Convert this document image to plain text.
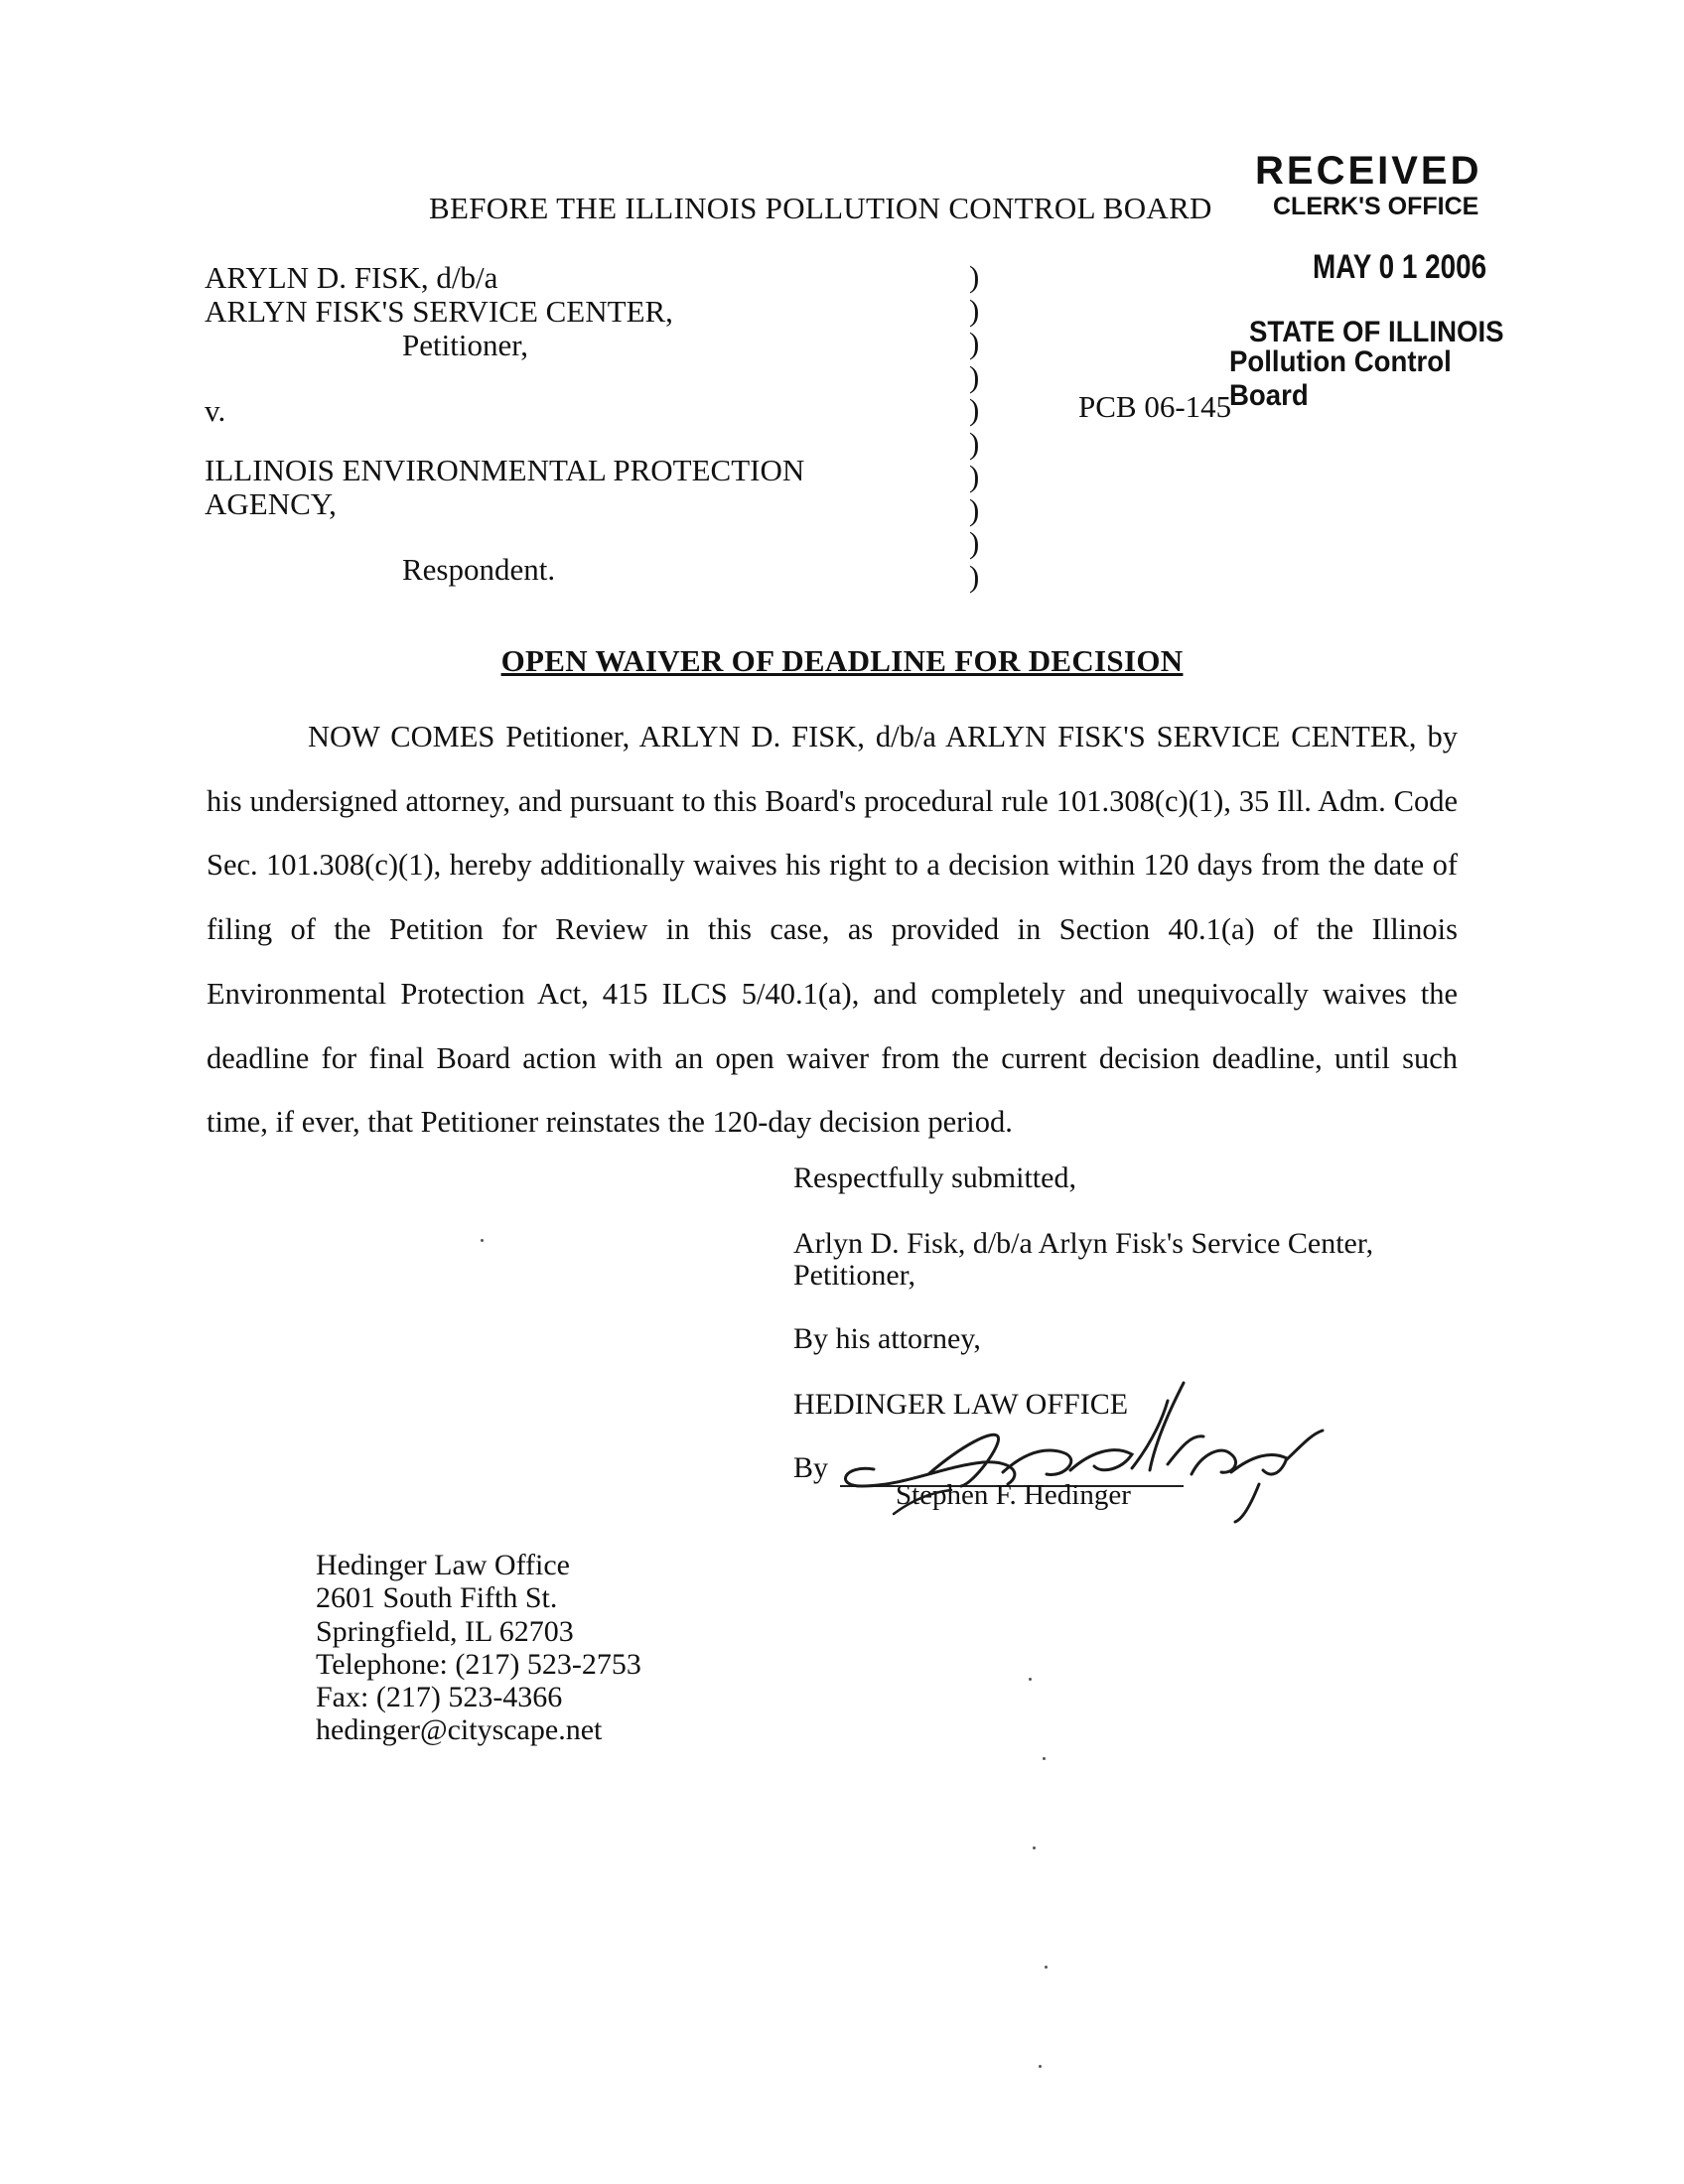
RECEIVED
CLERK'S OFFICE
MAY 0 1 2006
STATE OF ILLINOIS
Pollution Control Board
BEFORE THE ILLINOIS POLLUTION CONTROL BOARD
ARYLN D. FISK, d/b/a
ARLYN FISK'S SERVICE CENTER,
Petitioner,
v.
ILLINOIS ENVIRONMENTAL PROTECTION
AGENCY,
Respondent.
)
)
)
)
)
)
)
)
)
)
PCB 06-145
OPEN WAIVER OF DEADLINE FOR DECISION

NOW COMES Petitioner, ARLYN D. FISK, d/b/a ARLYN FISK'S SERVICE CENTER, by his undersigned attorney, and pursuant to this Board's procedural rule 101.308(c)(1), 35 Ill. Adm. Code Sec. 101.308(c)(1), hereby additionally waives his right to a decision within 120 days from the date of filing of the Petition for Review in this case, as provided in Section 40.1(a) of the Illinois Environmental Protection Act, 415 ILCS 5/40.1(a), and completely and unequivocally waives the deadline for final Board action with an open waiver from the current decision deadline, until such time, if ever, that Petitioner reinstates the 120-day decision period.

Respectfully submitted,
Arlyn D. Fisk, d/b/a Arlyn Fisk's Service Center,
Petitioner,
By his attorney,
HEDINGER LAW OFFICE
By
Stephen F. Hedinger
Hedinger Law Office
2601 South Fifth St.
Springfield, IL 62703
Telephone: (217) 523-2753
Fax: (217) 523-4366
hedinger@cityscape.net
